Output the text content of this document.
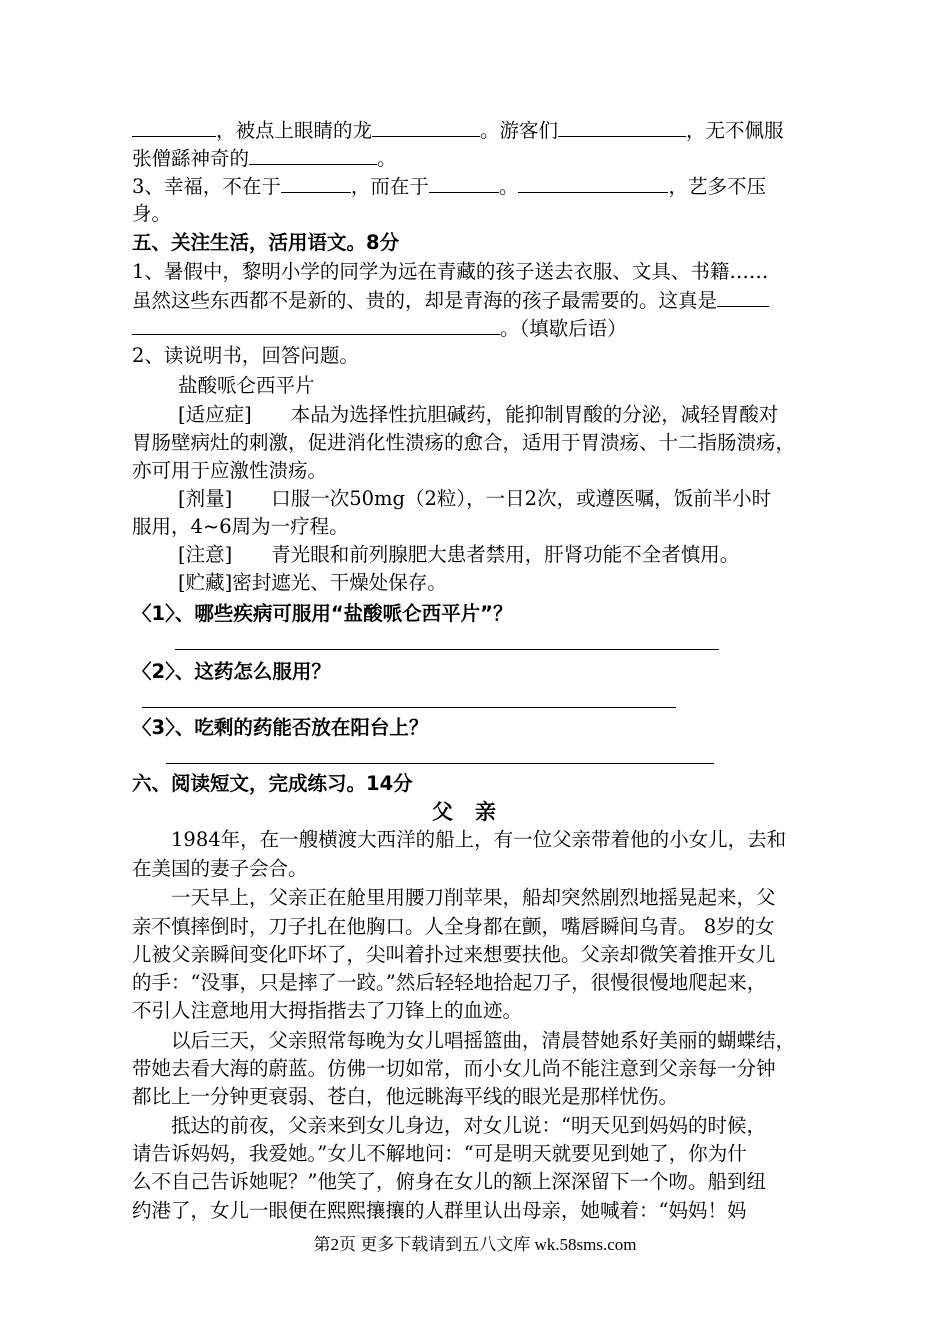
，被点上眼睛的龙	。游客们	，无不佩服
张僧繇神奇的	。
3、幸福，不在于	，而在于	。	，艺多不压
身。
五、关注生活，活用语文。8分
1、暑假中，黎明小学的同学为远在青藏的孩子送去衣服、文具、书籍……
虽然这些东西都不是新的、贵的，却是青海的孩子最需要的。这真是
。（填歇后语）
2、读说明书，回答问题。
盐酸哌仑西平片
[适应症]　　本品为选择性抗胆碱药，能抑制胃酸的分泌，减轻胃酸对
胃肠壁病灶的刺激，促进消化性溃疡的愈合，适用于胃溃疡、十二指肠溃疡，
亦可用于应激性溃疡。
[剂量]　　口服一次50mg（2粒），一日2次，或遵医嘱，饭前半小时
服用，4~6周为一疗程。
[注意]　　青光眼和前列腺肥大患者禁用，肝肾功能不全者慎用。
[贮藏]密封遮光、干燥处保存。
〈1〉、哪些疾病可服用“盐酸哌仑西平片”？
〈2〉、这药怎么服用？
〈3〉、吃剩的药能否放在阳台上？
六、阅读短文，完成练习。14分
父亲
　　1984年，在一艘横渡大西洋的船上，有一位父亲带着他的小女儿，去和
在美国的妻子会合。
　　一天早上，父亲正在舱里用腰刀削苹果，船却突然剧烈地摇晃起来，父
亲不慎摔倒时，刀子扎在他胸口。人全身都在颤，嘴唇瞬间乌青。 8岁的女
儿被父亲瞬间变化吓坏了，尖叫着扑过来想要扶他。父亲却微笑着推开女儿
的手：“没事，只是摔了一跤。”然后轻轻地拾起刀子，很慢很慢地爬起来，
不引人注意地用大拇指揩去了刀锋上的血迹。
　　以后三天，父亲照常每晚为女儿唱摇篮曲，清晨替她系好美丽的蝴蝶结，
带她去看大海的蔚蓝。仿佛一切如常，而小女儿尚不能注意到父亲每一分钟
都比上一分钟更衰弱、苍白，他远眺海平线的眼光是那样忧伤。
　　抵达的前夜，父亲来到女儿身边，对女儿说：“明天见到妈妈的时候，
请告诉妈妈，我爱她。”女儿不解地问：“可是明天就要见到她了，你为什
么不自己告诉她呢？”他笑了，俯身在女儿的额上深深留下一个吻。船到纽
约港了，女儿一眼便在熙熙攘攘的人群里认出母亲，她喊着：“妈妈！妈
第2页 更多下载请到五八文库 wk.58sms.com
